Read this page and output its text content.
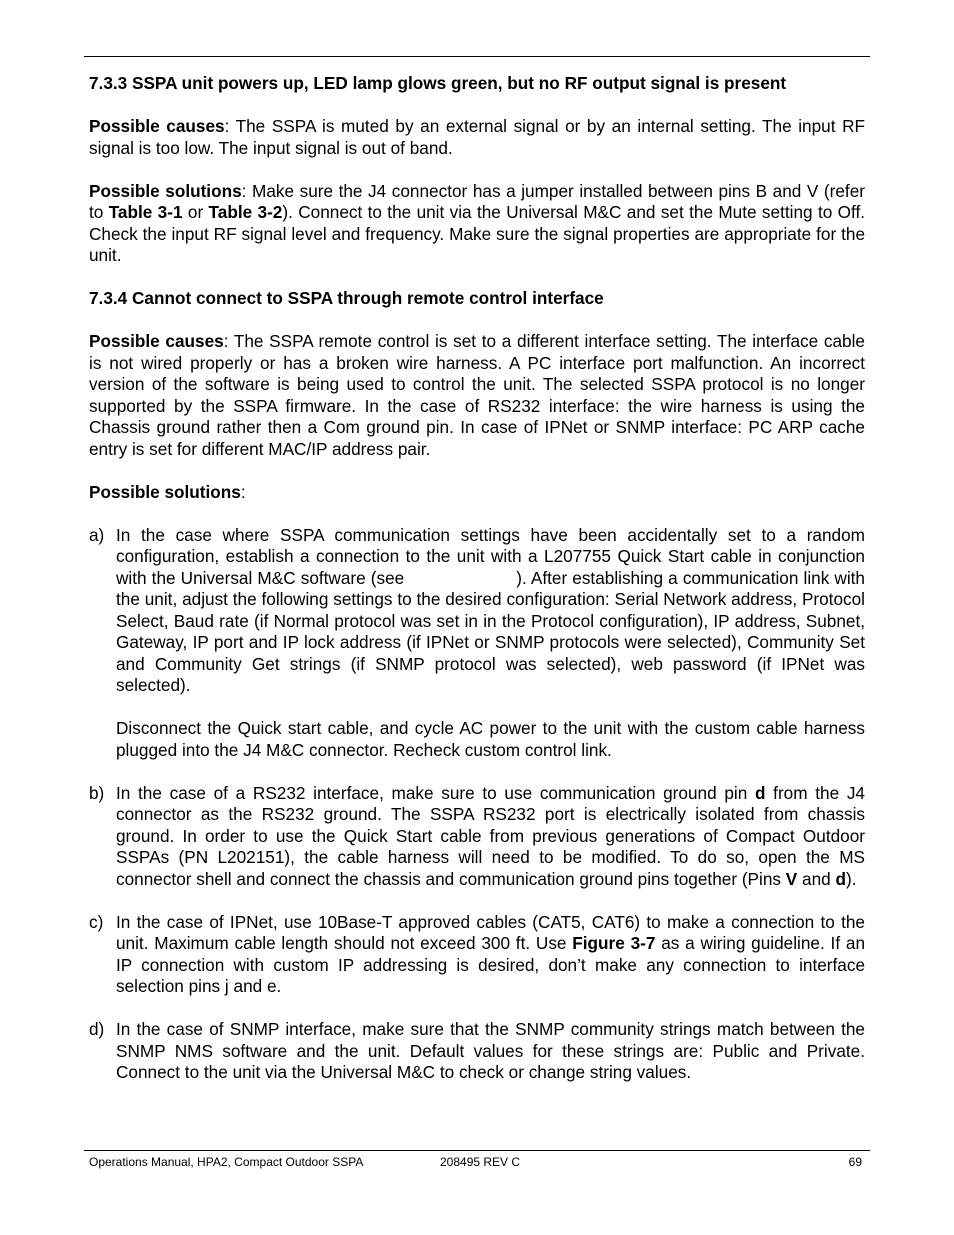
7.3.3 SSPA unit powers up, LED lamp glows green, but no RF output signal is present

Possible causes: The SSPA is muted by an external signal or by an internal setting. The input RF signal is too low. The input signal is out of band.

Possible solutions: Make sure the J4 connector has a jumper installed between pins B and V (refer to Table 3-1 or Table 3-2). Connect to the unit via the Universal M&C and set the Mute setting to Off. Check the input RF signal level and frequency. Make sure the signal properties are appropriate for the unit.

7.3.4 Cannot connect to SSPA through remote control interface

Possible causes: The SSPA remote control is set to a different interface setting. The interface cable is not wired properly or has a broken wire harness. A PC interface port malfunction. An incorrect version of the software is being used to control the unit. The selected SSPA protocol is no longer supported by the SSPA firmware. In the case of RS232 interface: the wire harness is using the Chassis ground rather then a Com ground pin. In case of IPNet or SNMP interface: PC ARP cache entry is set for different MAC/IP address pair.

Possible solutions:

a) In the case where SSPA communication settings have been accidentally set to a random configuration, establish a connection to the unit with a L207755 Quick Start cable in conjunction with the Universal M&C software (see	). After establishing a communication link with the unit, adjust the following settings to the desired configuration: Serial Network address, Protocol Select, Baud rate (if Normal protocol was set in in the Protocol configuration), IP address, Subnet, Gateway, IP port and IP lock address (if IPNet or SNMP protocols were selected), Community Set and Community Get strings (if SNMP protocol was selected), web password (if IPNet was selected).

Disconnect the Quick start cable, and cycle AC power to the unit with the custom cable harness plugged into the J4 M&C connector. Recheck custom control link.

b) In the case of a RS232 interface, make sure to use communication ground pin d from the J4 connector as the RS232 ground. The SSPA RS232 port is electrically isolated from chassis ground. In order to use the Quick Start cable from previous generations of Compact Outdoor SSPAs (PN L202151), the cable harness will need to be modified. To do so, open the MS connector shell and connect the chassis and communication ground pins together (Pins V and d).

c) In the case of IPNet, use 10Base-T approved cables (CAT5, CAT6) to make a connection to the unit. Maximum cable length should not exceed 300 ft. Use Figure 3-7 as a wiring guideline. If an IP connection with custom IP addressing is desired, don’t make any connection to interface selection pins j and e.

d) In the case of SNMP interface, make sure that the SNMP community strings match between the SNMP NMS software and the unit. Default values for these strings are: Public and Private. Connect to the unit via the Universal M&C to check or change string values.

Operations Manual, HPA2, Compact Outdoor SSPA	208495 REV C	69
